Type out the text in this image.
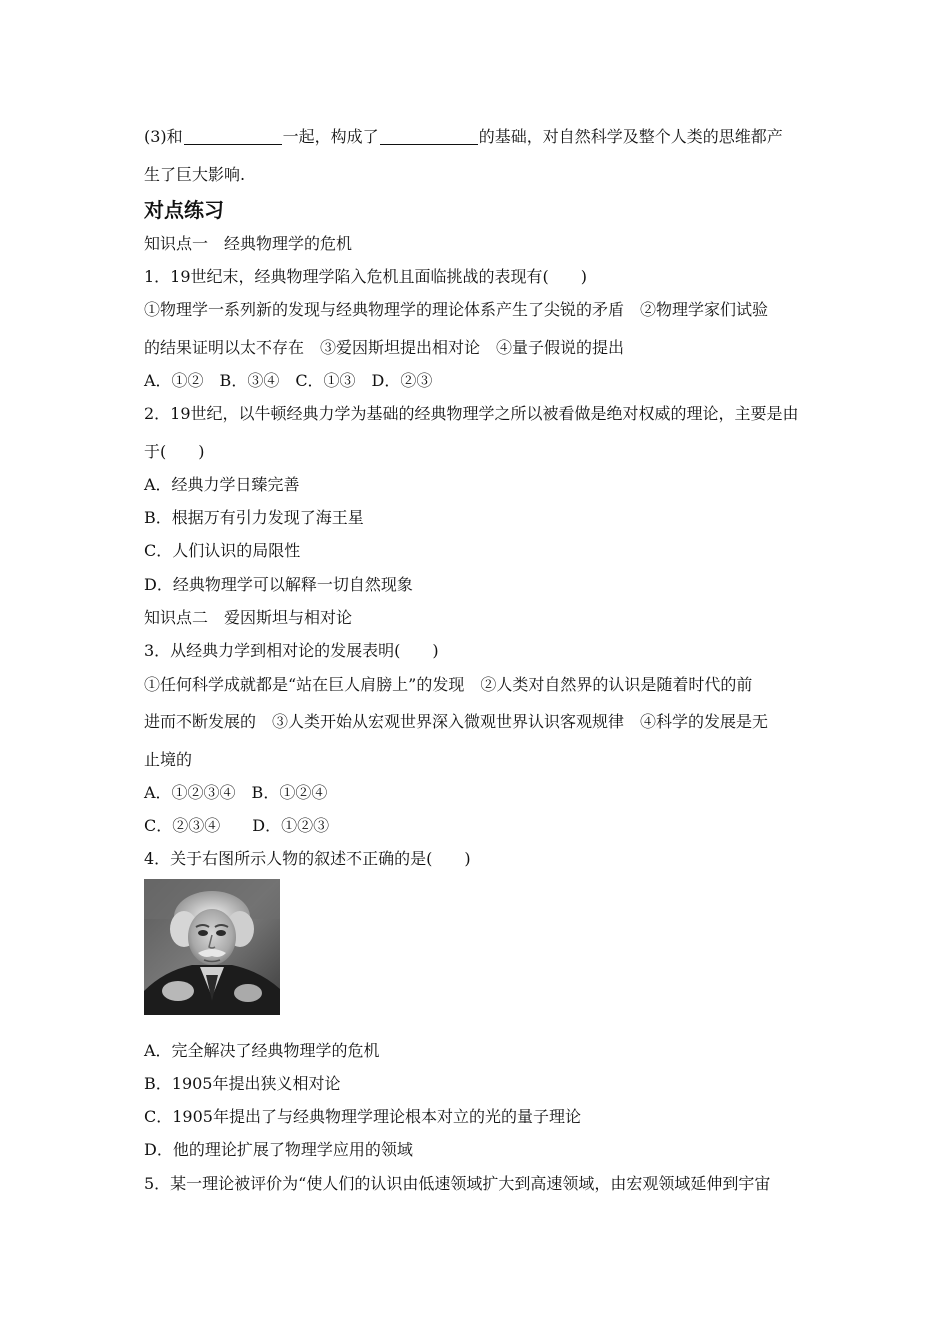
(3)和	一起，构成了	的基础，对自然科学及整个人类的思维都产
生了巨大影响.
对点练习
知识点一　经典物理学的危机
1．19世纪末，经典物理学陷入危机且面临挑战的表现有(　　)
①物理学一系列新的发现与经典物理学的理论体系产生了尖锐的矛盾　②物理学家们试验
的结果证明以太不存在　③爱因斯坦提出相对论　④量子假说的提出
A．①②　B．③④　C．①③　D．②③
2．19世纪，以牛顿经典力学为基础的经典物理学之所以被看做是绝对权威的理论，主要是由
于(　　)
A．经典力学日臻完善
B．根据万有引力发现了海王星
C．人们认识的局限性
D．经典物理学可以解释一切自然现象
知识点二　爱因斯坦与相对论
3．从经典力学到相对论的发展表明(　　)
①任何科学成就都是“站在巨人肩膀上”的发现　②人类对自然界的认识是随着时代的前
进而不断发展的　③人类开始从宏观世界深入微观世界认识客观规律　④科学的发展是无
止境的
A．①②③④　B．①②④
C．②③④　　D．①②③
4．关于右图所示人物的叙述不正确的是(　　)
A．完全解决了经典物理学的危机
B．1905年提出狭义相对论
C．1905年提出了与经典物理学理论根本对立的光的量子理论
D．他的理论扩展了物理学应用的领域
5．某一理论被评价为“使人们的认识由低速领域扩大到高速领域，由宏观领域延伸到宇宙
